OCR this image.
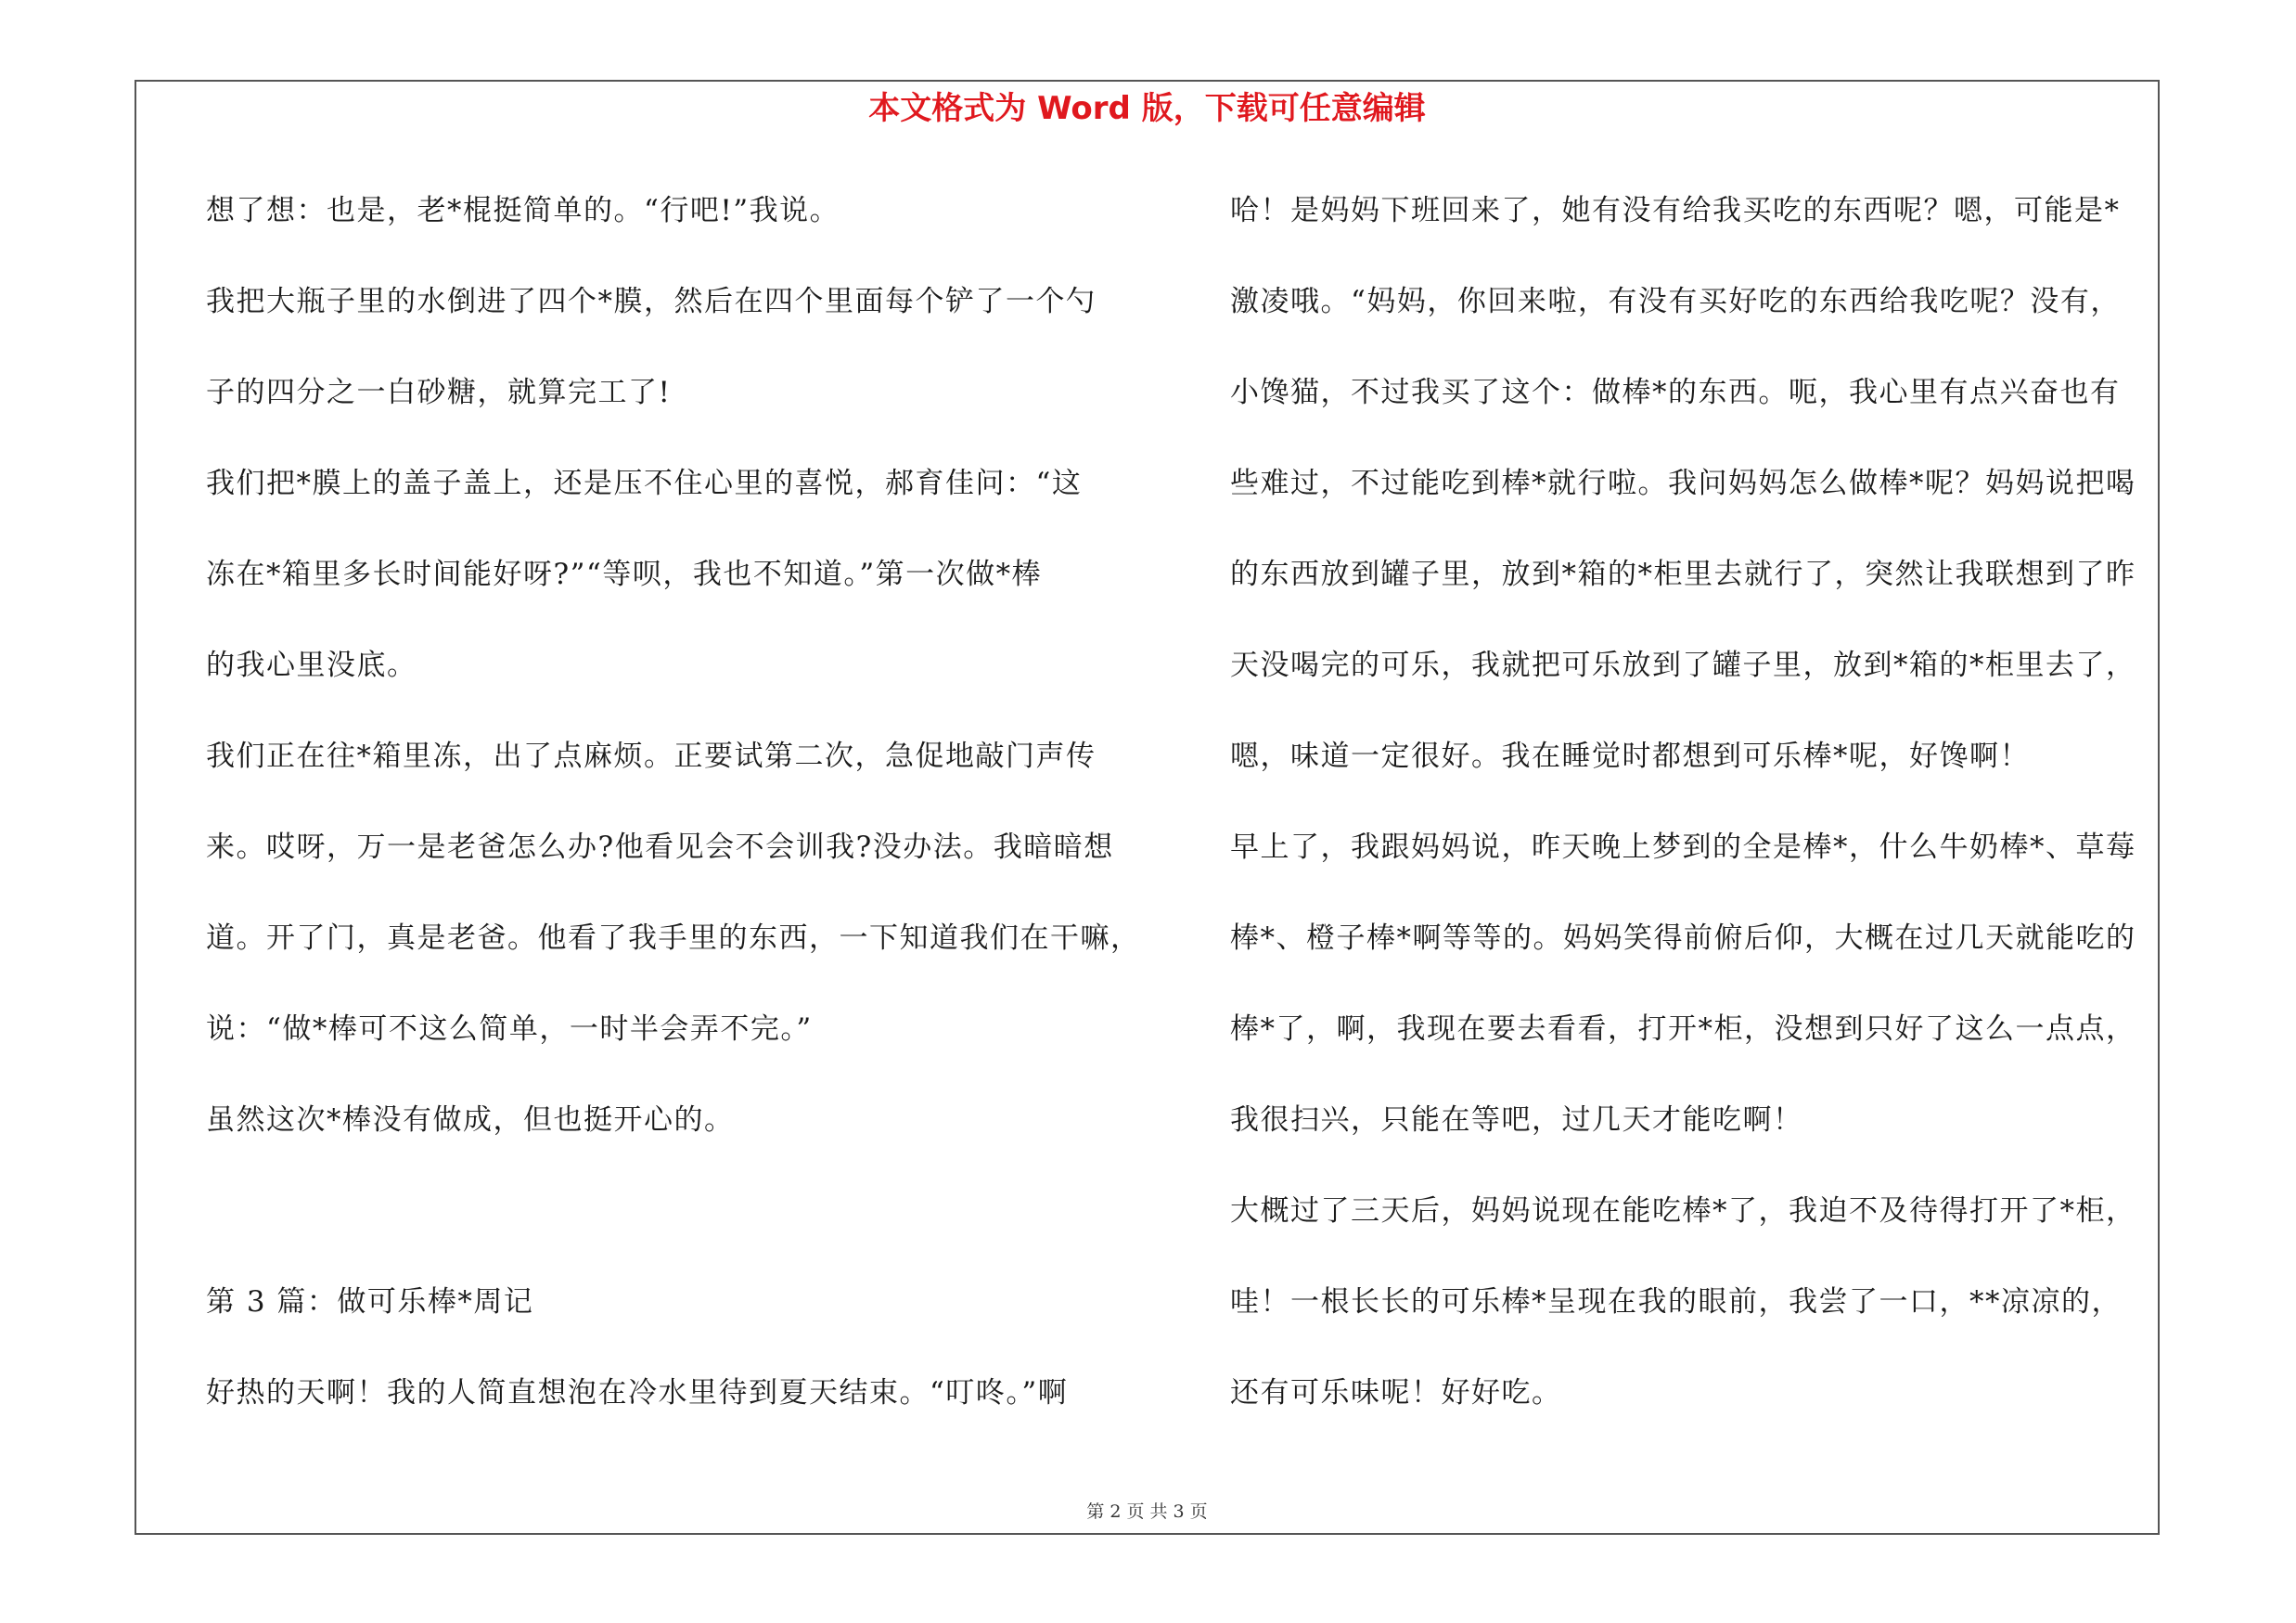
本文格式为 Word 版，下载可任意编辑
想了想：也是，老*棍挺简单的。“行吧!”我说。
我把大瓶子里的水倒进了四个*膜，然后在四个里面每个铲了一个勺
子的四分之一白砂糖，就算完工了!
我们把*膜上的盖子盖上，还是压不住心里的喜悦，郝育佳问：“这
冻在*箱里多长时间能好呀?”“等呗，我也不知道。”第一次做*棒
的我心里没底。
我们正在往*箱里冻，出了点麻烦。正要试第二次，急促地敲门声传
来。哎呀，万一是老爸怎么办?他看见会不会训我?没办法。我暗暗想
道。开了门，真是老爸。他看了我手里的东西，一下知道我们在干嘛，
说：“做*棒可不这么简单，一时半会弄不完。”
虽然这次*棒没有做成，但也挺开心的。
第 3 篇：做可乐棒*周记
好热的天啊！我的人简直想泡在冷水里待到夏天结束。“叮咚。”啊
哈！是妈妈下班回来了，她有没有给我买吃的东西呢？嗯，可能是*
激凌哦。“妈妈，你回来啦，有没有买好吃的东西给我吃呢？没有，
小馋猫，不过我买了这个：做棒*的东西。呃，我心里有点兴奋也有
些难过，不过能吃到棒*就行啦。我问妈妈怎么做棒*呢？妈妈说把喝
的东西放到罐子里，放到*箱的*柜里去就行了，突然让我联想到了昨
天没喝完的可乐，我就把可乐放到了罐子里，放到*箱的*柜里去了，
嗯，味道一定很好。我在睡觉时都想到可乐棒*呢，好馋啊！
早上了，我跟妈妈说，昨天晚上梦到的全是棒*，什么牛奶棒*、草莓
棒*、橙子棒*啊等等的。妈妈笑得前俯后仰，大概在过几天就能吃的
棒*了，啊，我现在要去看看，打开*柜，没想到只好了这么一点点，
我很扫兴，只能在等吧，过几天才能吃啊！
大概过了三天后，妈妈说现在能吃棒*了，我迫不及待得打开了*柜，
哇！一根长长的可乐棒*呈现在我的眼前，我尝了一口，**凉凉的，
还有可乐味呢！好好吃。
第 2 页 共 3 页
